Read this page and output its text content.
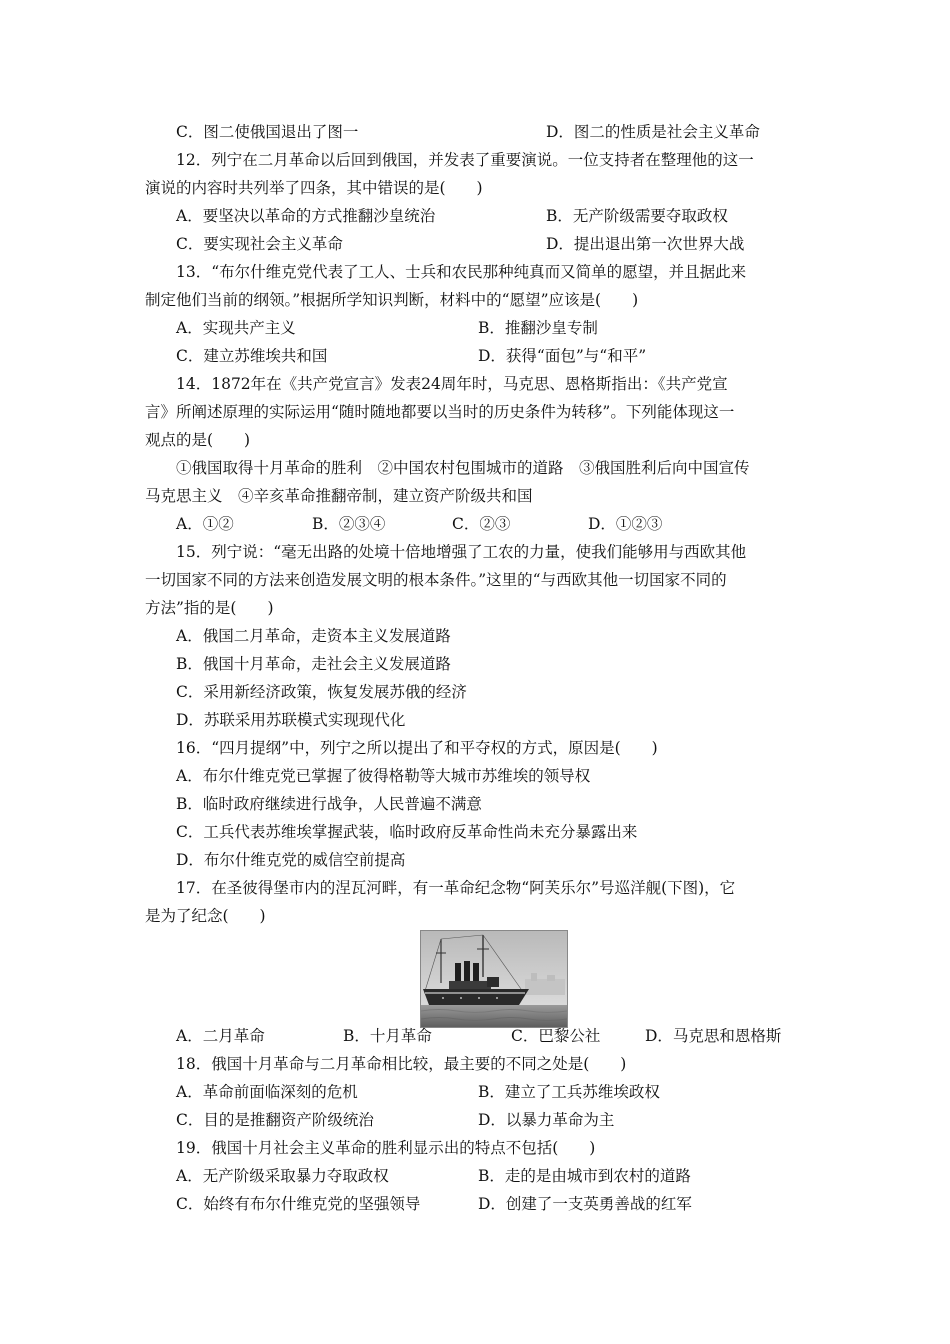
C．图二使俄国退出了图一	D．图二的性质是社会主义革命
12．列宁在二月革命以后回到俄国，并发表了重要演说。一位支持者在整理他的这一
演说的内容时共列举了四条，其中错误的是(　　)
A．要坚决以革命的方式推翻沙皇统治	B．无产阶级需要夺取政权
C．要实现社会主义革命	D．提出退出第一次世界大战
13．“布尔什维克党代表了工人、士兵和农民那种纯真而又简单的愿望，并且据此来
制定他们当前的纲领。”根据所学知识判断，材料中的“愿望”应该是(　　)
A．实现共产主义	B．推翻沙皇专制
C．建立苏维埃共和国	D．获得“面包”与“和平”
14．1872年在《共产党宣言》发表24周年时，马克思、恩格斯指出：《共产党宣
言》所阐述原理的实际运用“随时随地都要以当时的历史条件为转移”。下列能体现这一
观点的是(　　)
①俄国取得十月革命的胜利　②中国农村包围城市的道路　③俄国胜利后向中国宣传
马克思主义　④辛亥革命推翻帝制，建立资产阶级共和国
A．①②	B．②③④	C．②③	D．①②③
15．列宁说：“毫无出路的处境十倍地增强了工农的力量，使我们能够用与西欧其他
一切国家不同的方法来创造发展文明的根本条件。”这里的“与西欧其他一切国家不同的
方法”指的是(　　)
A．俄国二月革命，走资本主义发展道路
B．俄国十月革命，走社会主义发展道路
C．采用新经济政策，恢复发展苏俄的经济
D．苏联采用苏联模式实现现代化
16．“四月提纲”中，列宁之所以提出了和平夺权的方式，原因是(　　)
A．布尔什维克党已掌握了彼得格勒等大城市苏维埃的领导权
B．临时政府继续进行战争，人民普遍不满意
C．工兵代表苏维埃掌握武装，临时政府反革命性尚未充分暴露出来
D．布尔什维克党的威信空前提高
17．在圣彼得堡市内的涅瓦河畔，有一革命纪念物“阿芙乐尔”号巡洋舰(下图)，它
是为了纪念(　　)
A．二月革命	B．十月革命	C．巴黎公社	D．马克思和恩格斯
18．俄国十月革命与二月革命相比较，最主要的不同之处是(　　)
A．革命前面临深刻的危机	B．建立了工兵苏维埃政权
C．目的是推翻资产阶级统治	D．以暴力革命为主
19．俄国十月社会主义革命的胜利显示出的特点不包括(　　)
A．无产阶级采取暴力夺取政权	B．走的是由城市到农村的道路
C．始终有布尔什维克党的坚强领导	D．创建了一支英勇善战的红军
